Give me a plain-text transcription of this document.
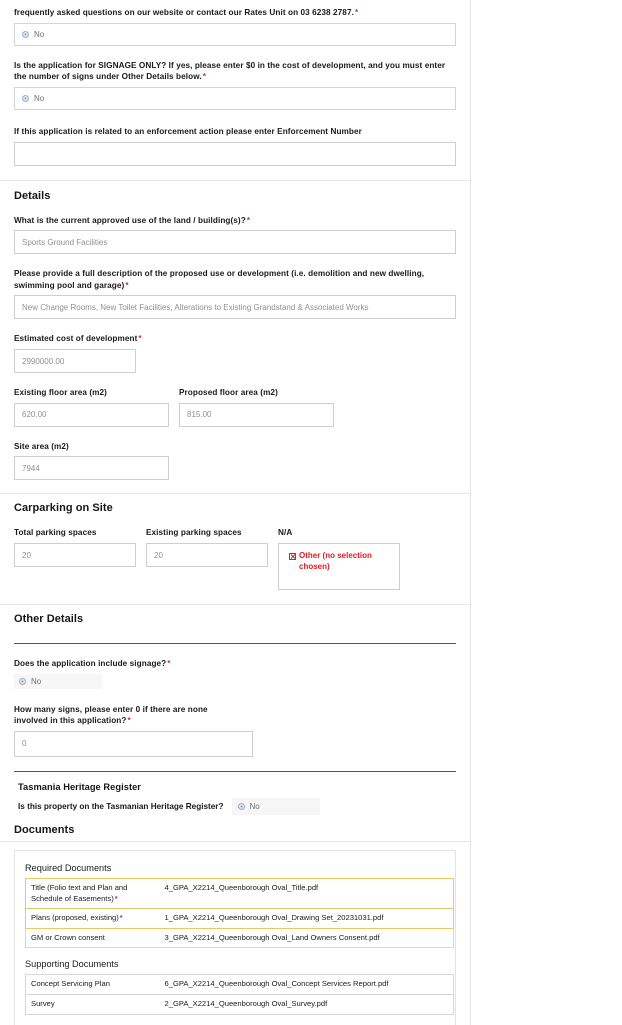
frequently asked questions on our website or contact our Rates Unit on 03 6238 2787.*
No
Is the application for SIGNAGE ONLY? If yes, please enter $0 in the cost of development, and you must enter the number of signs under Other Details below.*
No
If this application is related to an enforcement action please enter Enforcement Number
Details
What is the current approved use of the land / building(s)?*
Sports Ground Facilities
Please provide a full description of the proposed use or development (i.e. demolition and new dwelling, swimming pool and garage)*
New Change Rooms, New Toilet Facilities, Alterations to Existing Grandstand & Associated Works
Estimated cost of development*
2990000.00
Existing floor area (m2)
620.00
Proposed floor area (m2)
815.00
Site area (m2)
7944
Carparking on Site
Total parking spaces
20
Existing parking spaces
20
N/A
Other (no selection chosen)
Other Details
Does the application include signage?*
No
How many signs, please enter 0 if there are none involved in this application?*
0
Tasmania Heritage Register
Is this property on the Tasmanian Heritage Register?	No
Documents
Required Documents
Title (Folio text and Plan and Schedule of Easements)*	4_GPA_X2214_Queenborough Oval_Title.pdf
Plans (proposed, existing)*	1_GPA_X2214_Queenborough Oval_Drawing Set_20231031.pdf
GM or Crown consent	3_GPA_X2214_Queenborough Oval_Land Owners Consent.pdf
Supporting Documents
Concept Servicing Plan	6_GPA_X2214_Queenborough Oval_Concept Services Report.pdf
Survey	2_GPA_X2214_Queenborough Oval_Survey.pdf
